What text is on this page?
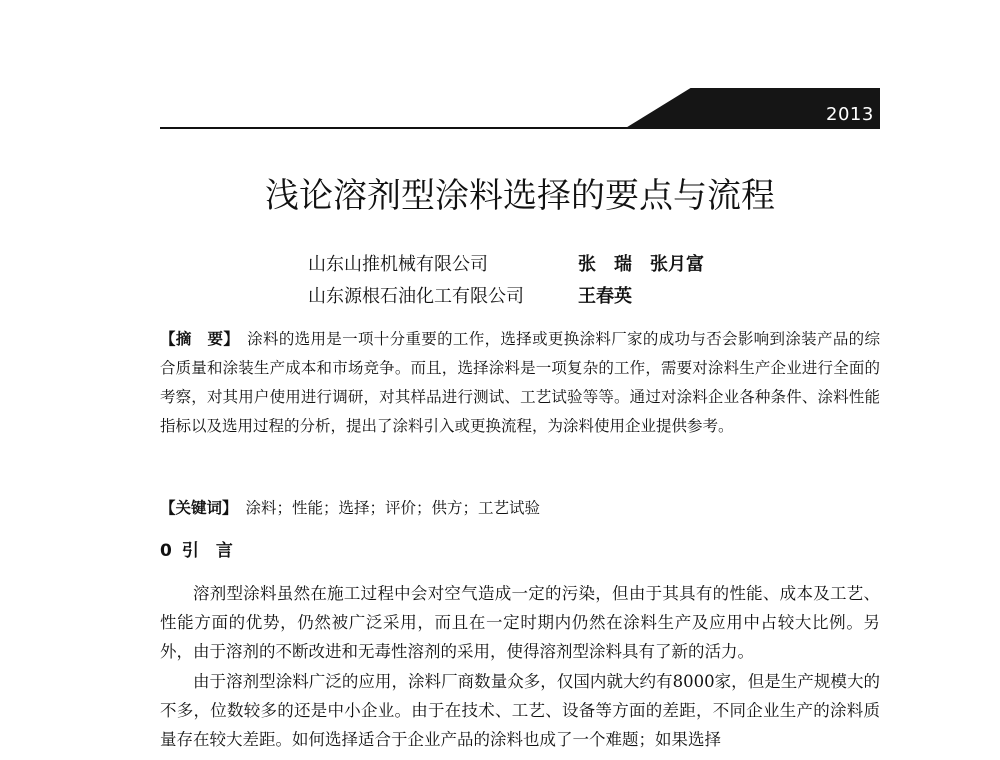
2013
浅论溶剂型涂料选择的要点与流程
山东山推机械有限公司	张　瑞　张月富
山东源根石油化工有限公司	王春英
【摘　要】 涂料的选用是一项十分重要的工作，选择或更换涂料厂家的成功与否会影响到涂装产品的综合质量和涂装生产成本和市场竞争。而且，选择涂料是一项复杂的工作，需要对涂料生产企业进行全面的考察，对其用户使用进行调研，对其样品进行测试、工艺试验等等。通过对涂料企业各种条件、涂料性能指标以及选用过程的分析，提出了涂料引入或更换流程，为涂料使用企业提供参考。
【关键词】 涂料；性能；选择；评价；供方；工艺试验
0 引　言
溶剂型涂料虽然在施工过程中会对空气造成一定的污染，但由于其具有的性能、成本及工艺、性能方面的优势，仍然被广泛采用，而且在一定时期内仍然在涂料生产及应用中占较大比例。另外，由于溶剂的不断改进和无毒性溶剂的采用，使得溶剂型涂料具有了新的活力。
由于溶剂型涂料广泛的应用，涂料厂商数量众多，仅国内就大约有8000家，但是生产规模大的不多，位数较多的还是中小企业。由于在技术、工艺、设备等方面的差距，不同企业生产的涂料质量存在较大差距。如何选择适合于企业产品的涂料也成了一个难题；如果选择
